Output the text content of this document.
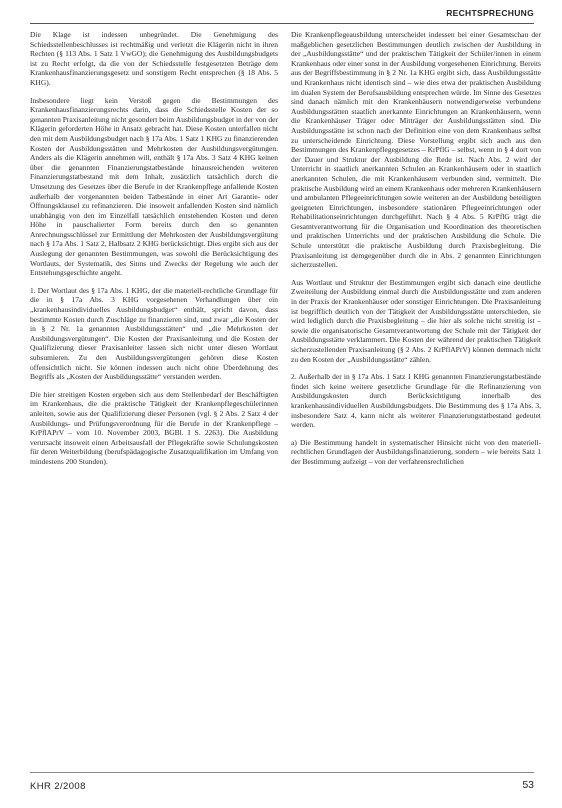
RECHTSPRECHUNG

Die Klage ist indessen unbegründet. Die Genehmigung des Schiedsstellenbeschlusses ist rechtmäßig und verletzt die Klägerin nicht in ihren Rechten (§ 113 Abs. 1 Satz 1 VwGO); die Genehmigung des Ausbildungsbudgets ist zu Recht erfolgt, da die von der Schiedsstelle festgesetzten Beträge dem Krankenhausfinanzierungsgesetz und sonstigem Recht entsprechen (§ 18 Abs. 5 KHG).

Insbesondere liegt kein Verstoß gegen die Bestimmungen des Krankenhausfinanzierungsrechts darin, dass die Schiedsstelle Kosten der so genannten Praxisanleitung nicht gesondert beim Ausbildungsbudget in der von der Klägerin geforderten Höhe in Ansatz gebracht hat. Diese Kosten unterfallen nicht den mit dem Ausbildungsbudget nach § 17a Abs. 1 Satz 1 KHG zu finanzierenden Kosten der Ausbildungsstätten und Mehrkosten der Ausbildungsvergütungen. Anders als die Klägerin annehmen will, enthält § 17a Abs. 3 Satz 4 KHG keinen über die genannten Finanzierungstatbestände hinausreichenden weiteren Finanzierungstatbestand mit dem Inhalt, zusätzlich tatsächlich durch die Umsetzung des Gesetzes über die Berufe in der Krankenpflege anfallende Kosten außerhalb der vorgenannten beiden Tatbestände in einer Art Garantie- oder Öffnungsklausel zu refinanzieren. Die insoweit anfallenden Kosten sind nämlich unabhängig von den im Einzelfall tatsächlich entstehenden Kosten und deren Höhe in pauschalierter Form bereits durch den so genannten Anrechnungsschlüssel zur Ermittlung der Mehrkosten der Ausbildungsvergütung nach § 17a Abs. 1 Satz 2, Halbsatz 2 KHG berücksichtigt. Dies ergibt sich aus der Auslegung der genannten Bestimmungen, was sowohl die Berücksichtigung des Wortlauts, der Systematik, des Sinns und Zwecks der Regelung wie auch der Entstehungsgeschichte angeht.

1. Der Wortlaut des § 17a Abs. 1 KHG, der die materiell-rechtliche Grundlage für die in § 17a Abs. 3 KHG vorgesehenen Verhandlungen über ein „krankenhausindividuelles Ausbildungsbudget“ enthält, spricht davon, dass bestimmte Kosten durch Zuschläge zu finanzieren sind, und zwar „die Kosten der in § 2 Nr. 1a genannten Ausbildungsstätten“ und „die Mehrkosten der Ausbildungsvergütungen“. Die Kosten der Praxisanleitung und die Kosten der Qualifizierung dieser Praxisanleiter lassen sich nicht unter diesen Wortlaut subsumieren. Zu den Ausbildungsvergütungen gehören diese Kosten offensichtlich nicht. Sie können indessen auch nicht ohne Überdehnung des Begriffs als „Kosten der Ausbildungsstätte“ verstanden werden.

Die hier streitigen Kosten ergeben sich aus dem Stellenbedarf der Beschäftigten im Krankenhaus, die die praktische Tätigkeit der Krankenpflegeschülerinnen anleiten, sowie aus der Qualifizierung dieser Personen (vgl. § 2 Abs. 2 Satz 4 der Ausbildungs- und Prüfungsverordnung für die Berufe in der Krankenpflege – KrPflAPrV – vom 10. November 2003, BGBl. I S. 2263). Die Ausbildung verursacht insoweit einen Arbeitsausfall der Pflegekräfte sowie Schulungskosten für deren Weiterbildung (berufspädagogische Zusatzqualifikation im Umfang von mindestens 200 Stunden).

Die Krankenpflegeausbildung unterscheidet indessen bei einer Gesamtschau der maßgeblichen gesetzlichen Bestimmungen deutlich zwischen der Ausbildung in der „Ausbildungsstätte“ und der praktischen Tätigkeit der Schüler/innen in einem Krankenhaus oder einer sonst in der Ausbildung vorgesehenen Einrichtung. Bereits aus der Begriffsbestimmung in § 2 Nr. 1a KHG ergibt sich, dass Ausbildungsstätte und Krankenhaus nicht identisch sind – wie dies etwa der praktischen Ausbildung im dualen System der Berufsausbildung entsprechen würde. Im Sinne des Gesetzes sind danach nämlich mit den Krankenhäusern notwendigerweise verbundene Ausbildungsstätten staatlich anerkannte Einrichtungen an Krankenhäusern, wenn die Krankenhäuser Träger oder Mitträger der Ausbildungsstätten sind. Die Ausbildungsstätte ist schon nach der Definition eine von dem Krankenhaus selbst zu unterscheidende Einrichtung. Diese Vorstellung ergibt sich auch aus den Bestimmungen des Krankenpflegegesetzes – KrPflG – selbst, wenn in § 4 dort von der Dauer und Struktur der Ausbildung die Rede ist. Nach Abs. 2 wird der Unterricht in staatlich anerkannten Schulen an Krankenhäusern oder in staatlich anerkannten Schulen, die mit Krankenhäusern verbunden sind, vermittelt. Die praktische Ausbildung wird an einem Krankenhaus oder mehreren Krankenhäusern und ambulanten Pflegeeinrichtungen sowie weiteren an der Ausbildung beteiligten geeigneten Einrichtungen, insbesondere stationären Pflegeeinrichtungen oder Rehabilitationseinrichtungen durchgeführt. Nach § 4 Abs. 5 KrPflG trägt die Gesamtverantwortung für die Organisation und Koordination des theoretischen und praktischen Unterrichts und der praktischen Ausbildung die Schule. Die Schule unterstützt die praktische Ausbildung durch Praxisbegleitung. Die Praxisanleitung ist demgegenüber durch die in Abs. 2 genannten Einrichtungen sicherzustellen.

Aus Wortlaut und Struktur der Bestimmungen ergibt sich danach eine deutliche Zweiteilung der Ausbildung einmal durch die Ausbildungsstätte und zum anderen in der Praxis der Krankenhäuser oder sonstiger Einrichtungen. Die Praxisanleitung ist begrifflich deutlich von der Tätigkeit der Ausbildungsstätte unterschieden, sie wird lediglich durch die Praxisbegleitung – die hier als solche nicht streitig ist – sowie die organisatorische Gesamtverantwortung der Schule mit der Tätigkeit der Ausbildungsstätte verklammert. Die Kosten der während der praktischen Tätigkeit sicherzustellenden Praxisanleitung (§ 2 Abs. 2 KrPflAPrV) können demnach nicht zu den Kosten der „Ausbildungsstätte“ zählen.

2. Außerhalb der in § 17a Abs. 1 Satz 1 KHG genannten Finanzierungstatbestände findet sich keine weitere gesetzliche Grundlage für die Refinanzierung von Ausbildungskosten durch Berücksichtigung innerhalb des krankenhausindividuellen Ausbildungsbudgets. Die Bestimmung des § 17a Abs. 3, insbesondere Satz 4, kann nicht als weiterer Finanzierungstatbestand gedeutet werden.

a) Die Bestimmung handelt in systematischer Hinsicht nicht von den materiell-rechtlichen Grundlagen der Ausbildungsfinanzierung, sondern – wie bereits Satz 1 der Bestimmung aufzeigt – von der verfahrensrechtlichen

KHR 2/2008	53
